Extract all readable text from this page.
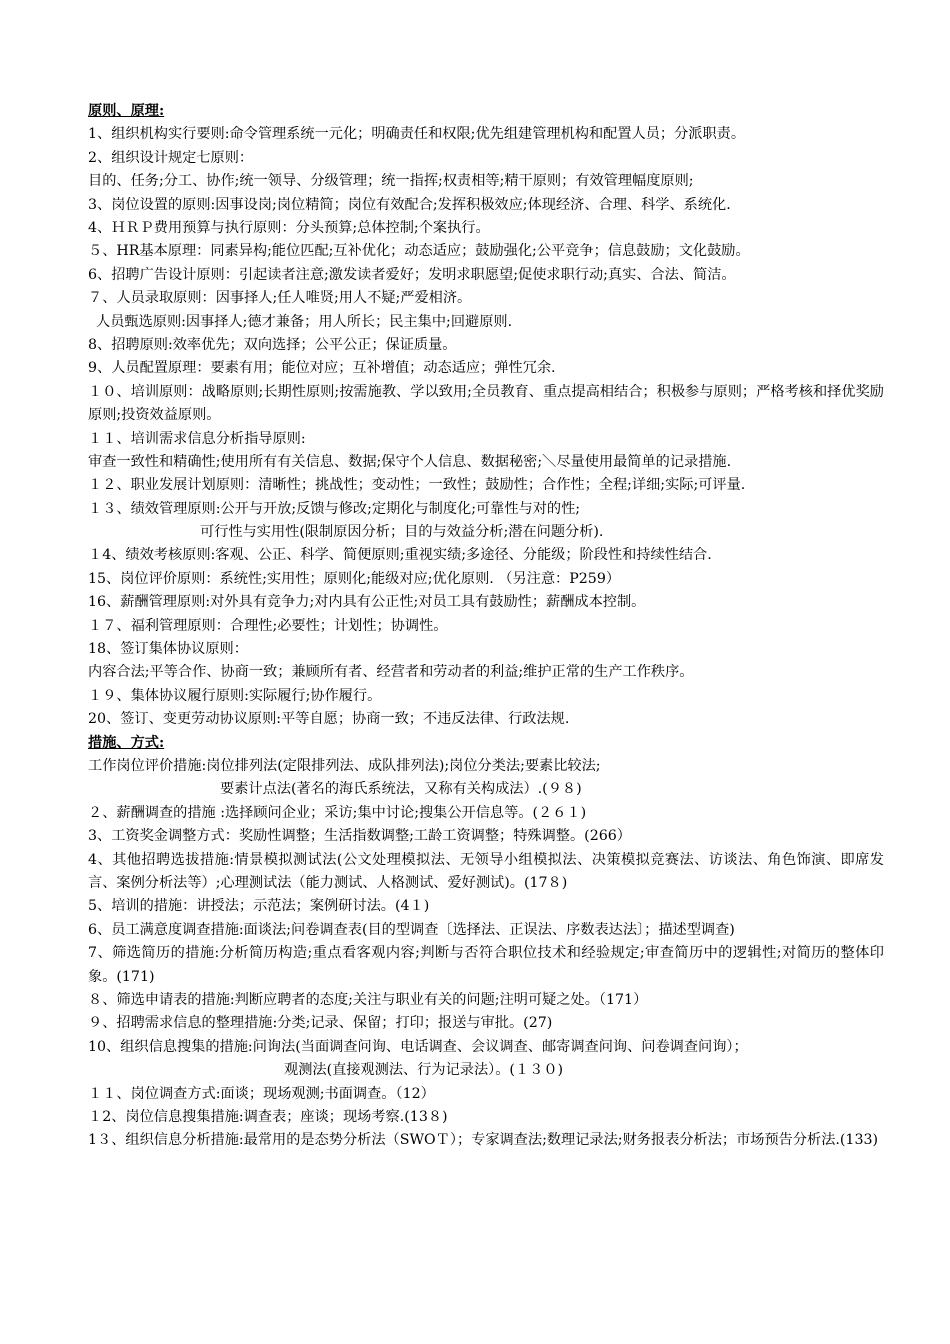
原则、原理:
1、组织机构实行要则:命令管理系统一元化；明确责任和权限;优先组建管理机构和配置人员；分派职责。
2、组织设计规定七原则：
目的、任务;分工、协作;统一领导、分级管理；统一指挥;权责相等;精干原则；有效管理幅度原则;
3、岗位设置的原则:因事设岗;岗位精简；岗位有效配合;发挥积极效应;体现经济、合理、科学、系统化.
4、ＨＲＰ费用预算与执行原则：分头预算;总体控制;个案执行。
５、HR基本原理：同素异构;能位匹配;互补优化；动态适应；鼓励强化;公平竞争；信息鼓励；文化鼓励。
6、招聘广告设计原则：引起读者注意;激发读者爱好；发明求职愿望;促使求职行动;真实、合法、简洁。
７、人员录取原则：因事择人;任人唯贤;用人不疑;严爱相济。
人员甄选原则:因事择人;德才兼备；用人所长；民主集中;回避原则.
8、招聘原则:效率优先；双向选择；公平公正；保证质量。
9、人员配置原理：要素有用；能位对应；互补增值；动态适应；弹性冗余.
１０、培训原则：战略原则;长期性原则;按需施教、学以致用;全员教育、重点提高相结合；积极参与原则；严格考核和择优奖励原则;投资效益原则。
１１、培训需求信息分析指导原则:
审查一致性和精确性;使用所有有关信息、数据;保守个人信息、数据秘密;＼尽量使用最简单的记录措施.
１２、职业发展计划原则：清晰性；挑战性；变动性；一致性；鼓励性；合作性；全程;详细;实际;可评量.
１３、绩效管理原则:公开与开放;反馈与修改;定期化与制度化;可靠性与对的性;
可行性与实用性(限制原因分析；目的与效益分析;潜在问题分析).
１4、绩效考核原则:客观、公正、科学、简便原则;重视实绩;多途径、分能级；阶段性和持续性结合.
15、岗位评价原则：系统性;实用性；原则化;能级对应;优化原则. （另注意：P259）
16、薪酬管理原则:对外具有竞争力;对内具有公正性;对员工具有鼓励性；薪酬成本控制。
１７、福利管理原则：合理性;必要性；计划性；协调性。
18、签订集体协议原则：
内容合法;平等合作、协商一致；兼顾所有者、经营者和劳动者的利益;维护正常的生产工作秩序。
１９、集体协议履行原则:实际履行;协作履行。
20、签订、变更劳动协议原则:平等自愿；协商一致；不违反法律、行政法规.
措施、方式:
工作岗位评价措施:岗位排列法(定限排列法、成队排列法);岗位分类法;要素比较法;
要素计点法(著名的海氏系统法，又称有关构成法）.(９８)
２、薪酬调查的措施 :选择顾问企业；采访;集中讨论;搜集公开信息等。(２６１)
3、工资奖金调整方式：奖励性调整；生活指数调整;工龄工资调整；特殊调整。(266）
4、其他招聘选拔措施:情景模拟测试法(公文处理模拟法、无领导小组模拟法、决策模拟竞赛法、访谈法、角色饰演、即席发言、案例分析法等）;心理测试法（能力测试、人格测试、爱好测试)。(17８)
5、培训的措施：讲授法；示范法；案例研讨法。(4１)
6、员工满意度调查措施:面谈法;问卷调查表(目的型调查〔选择法、正误法、序数表达法〕；描述型调查)
7、筛选简历的措施:分析简历构造;重点看客观内容;判断与否符合职位技术和经验规定;审查简历中的逻辑性;对简历的整体印象。(171)
８、筛选申请表的措施:判断应聘者的态度;关注与职业有关的问题;注明可疑之处。（171）
９、招聘需求信息的整理措施:分类;记录、保留；打印；报送与审批。(27)
10、组织信息搜集的措施:问询法(当面调查问询、电话调查、会议调查、邮寄调查问询、问卷调查问询）；
观测法(直接观测法、行为记录法）。(１３０)
１１、岗位调查方式:面谈；现场观测;书面调查。（12）
１2、岗位信息搜集措施:调查表；座谈；现场考察.(13８)
1３、组织信息分析措施:最常用的是态势分析法（SWOＴ）；专家调查法;数理记录法;财务报表分析法；市场预告分析法.(133)
